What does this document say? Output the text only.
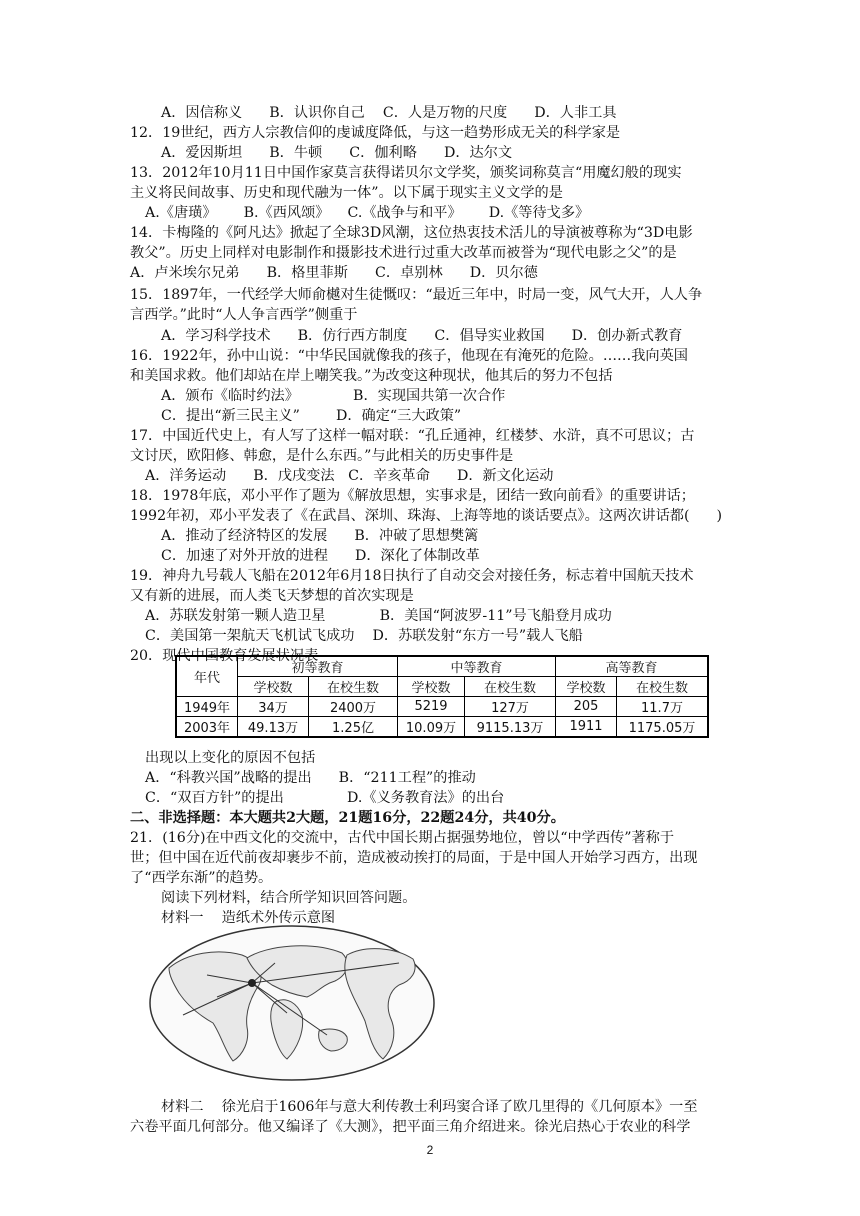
A．因信称义      B．认识你自己    C．人是万物的尺度      D．人非工具
12．19世纪，西方人宗教信仰的虔诚度降低，与这一趋势形成无关的科学家是
A．爱因斯坦      B．牛顿      C．伽利略      D．达尔文
13．2012年10月11日中国作家莫言获得诺贝尔文学奖，颁奖词称莫言“用魔幻般的现实
主义将民间故事、历史和现代融为一体”。以下属于现实主义文学的是
A.《唐璜》      B.《西风颂》    C.《战争与和平》      D.《等待戈多》
14．卡梅隆的《阿凡达》掀起了全球3D风潮，这位热衷技术活儿的导演被尊称为“3D电影
教父”。历史上同样对电影制作和摄影技术进行过重大改革而被誉为“现代电影之父”的是
A．卢米埃尔兄弟      B．格里菲斯      C．卓别林      D．贝尔德
15．1897年，一代经学大师俞樾对生徒慨叹：“最近三年中，时局一变，风气大开，人人争
言西学。”此时“人人争言西学”侧重于
A．学习科学技术      B．仿行西方制度      C．倡导实业救国      D．创办新式教育
16．1922年，孙中山说：“中华民国就像我的孩子，他现在有淹死的危险。……我向英国
和美国求救。他们却站在岸上嘲笑我。”为改变这种现状，他其后的努力不包括
A．颁布《临时约法》            B．实现国共第一次合作
C．提出“新三民主义”        D．确定“三大政策”
17．中国近代史上，有人写了这样一幅对联：“孔丘通神，红楼梦、水浒，真不可思议；古
文讨厌，欧阳修、韩愈，是什么东西。”与此相关的历史事件是
A．洋务运动      B．戊戌变法   C．辛亥革命      D．新文化运动
18．1978年底，邓小平作了题为《解放思想，实事求是，团结一致向前看》的重要讲话；
1992年初，邓小平发表了《在武昌、深圳、珠海、上海等地的谈话要点》。这两次讲话都(      )
A．推动了经济特区的发展      B．冲破了思想樊篱
C．加速了对外开放的进程      D．深化了体制改革
19．神舟九号载人飞船在2012年6月18日执行了自动交会对接任务，标志着中国航天技术
又有新的进展，而人类飞天梦想的首次实现是
A．苏联发射第一颗人造卫星            B．美国“阿波罗-11”号飞船登月成功
C．美国第一架航天飞机试飞成功    D．苏联发射“东方一号”载人飞船
20．现代中国教育发展状况表
出现以上变化的原因不包括
A．“科教兴国”战略的提出      B．“211工程”的推动
C．“双百方针”的提出              D.《义务教育法》的出台
二、非选择题：本大题共2大题，21题16分，22题24分，共40分。
21．(16分)在中西文化的交流中，古代中国长期占据强势地位，曾以“中学西传”著称于
世；但中国在近代前夜却裹步不前，造成被动挨打的局面，于是中国人开始学习西方，出现
了“西学东渐”的趋势。
阅读下列材料，结合所学知识回答问题。
材料一    造纸术外传示意图
材料二    徐光启于1606年与意大利传教士利玛窦合译了欧几里得的《几何原本》一至
六卷平面几何部分。他又编译了《大测》，把平面三角介绍进来。徐光启热心于农业的科学
年代	初等教育		中等教育		高等教育	
	学校数	在校生数	学校数	在校生数	学校数	在校生数
1949年	34万	2400万	5219	127万	205	11.7万
2003年	49.13万	1.25亿	10.09万	9115.13万	1911	1175.05万
2
